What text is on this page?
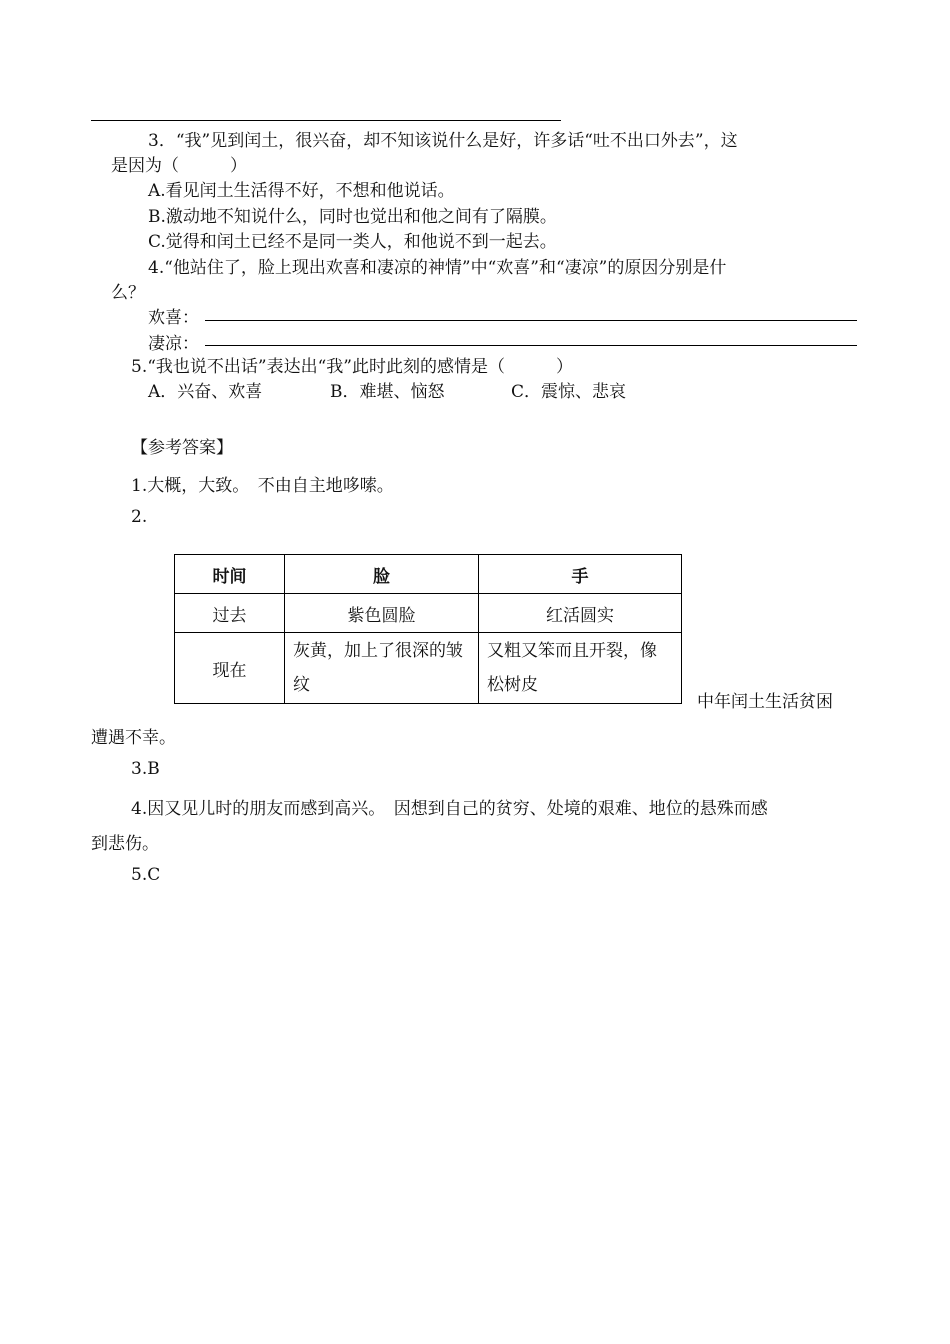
3．“我”见到闰土，很兴奋，却不知该说什么是好，许多话“吐不出口外去”，这
是因为（　　　）
A.看见闰土生活得不好，不想和他说话。
B.激动地不知说什么，同时也觉出和他之间有了隔膜。
C.觉得和闰土已经不是同一类人，和他说不到一起去。
4.“他站住了，脸上现出欢喜和凄凉的神情”中“欢喜”和“凄凉”的原因分别是什
么？
欢喜：
凄凉：
5.“我也说不出话”表达出“我”此时此刻的感情是（　　　）
A．兴奋、欢喜	B．难堪、恼怒	C．震惊、悲哀
【参考答案】
1.大概，大致。　不由自主地哆嗦。
2.
时间	脸	手
过去	紫色圆脸	红活圆实
现在	灰黄，加上了很深的皱纹	又粗又笨而且开裂，像松树皮
中年闰土生活贫困
遭遇不幸。
3.B
4.因又见儿时的朋友而感到高兴。　因想到自己的贫穷、处境的艰难、地位的悬殊而感
到悲伤。
5.C
